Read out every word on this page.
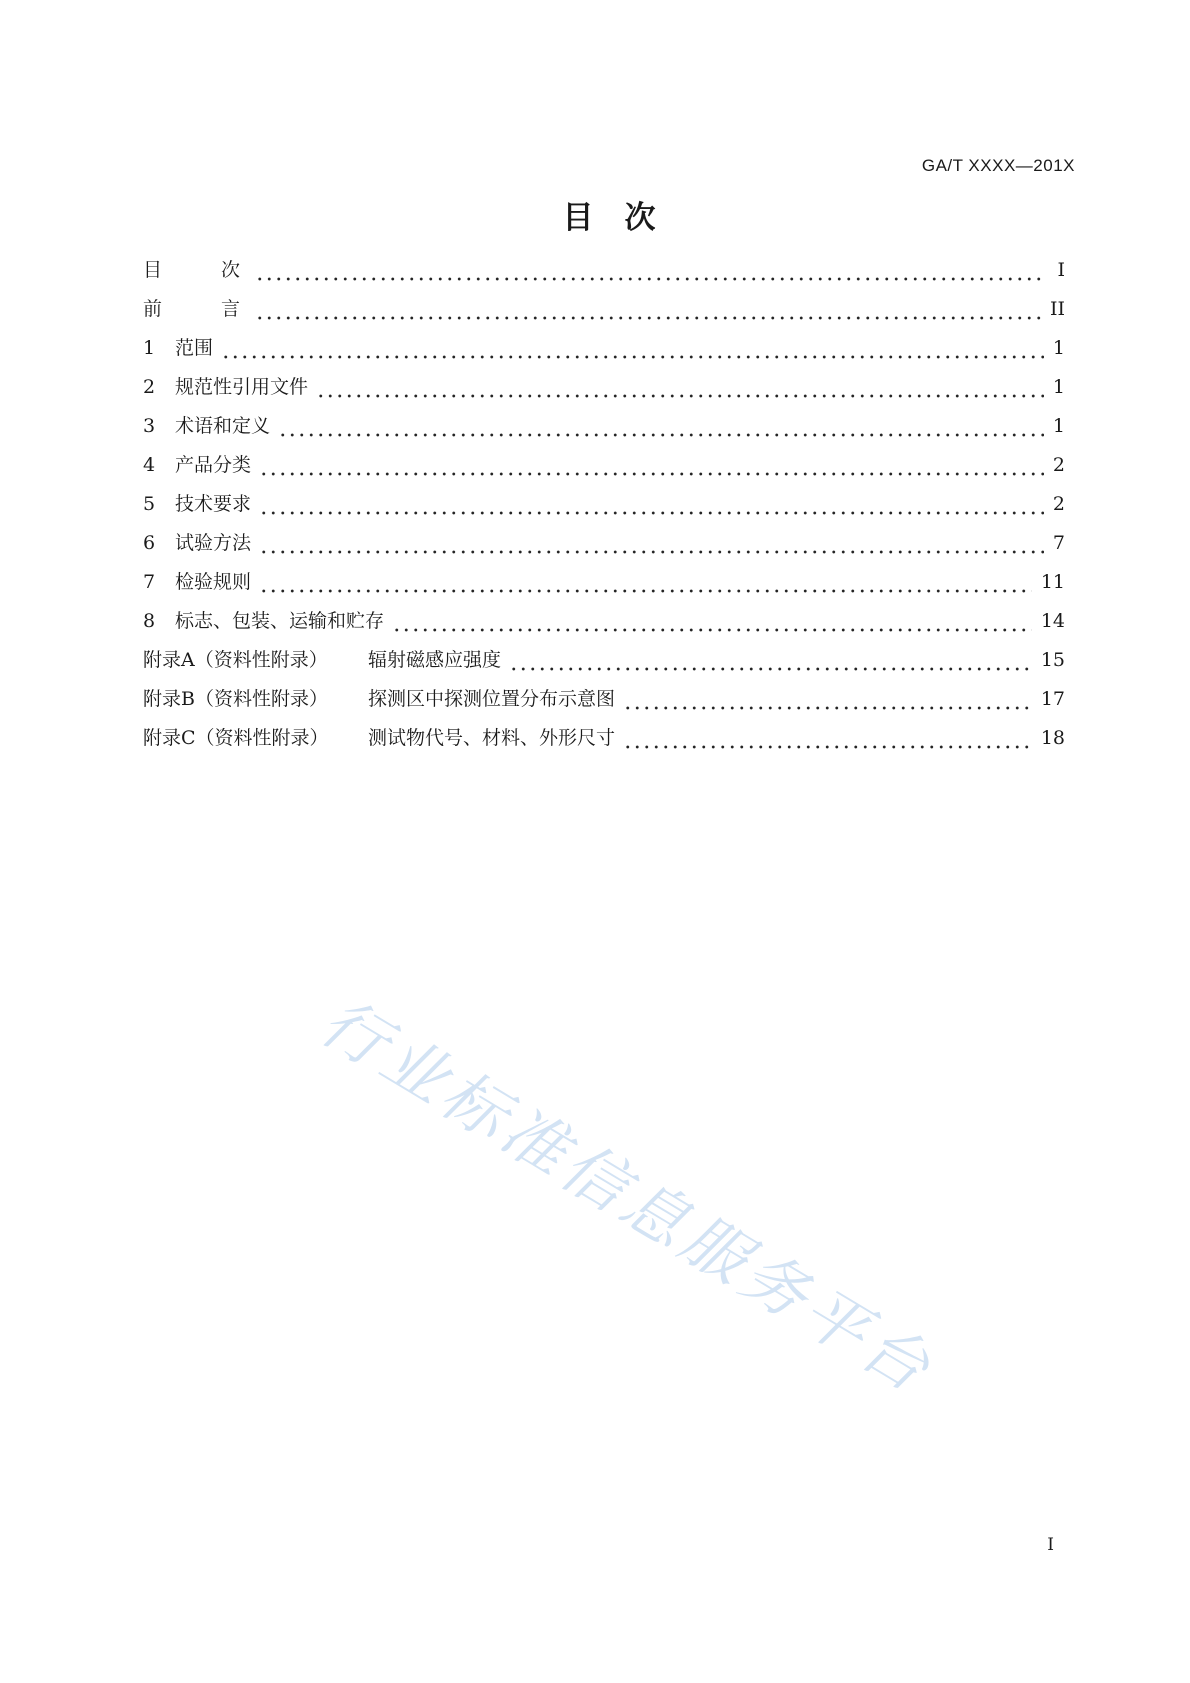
GA/T XXXX—201X
目　次
目　　次	I
前　　言	II
1	范围	1
2	规范性引用文件	1
3	术语和定义	1
4	产品分类	2
5	技术要求	2
6	试验方法	7
7	检验规则	11
8	标志、包装、运输和贮存	14
附录A（资料性附录）	辐射磁感应强度	15
附录B（资料性附录）	探测区中探测位置分布示意图	17
附录C（资料性附录）	测试物代号、材料、外形尺寸	18
行业标准信息服务平台
I
